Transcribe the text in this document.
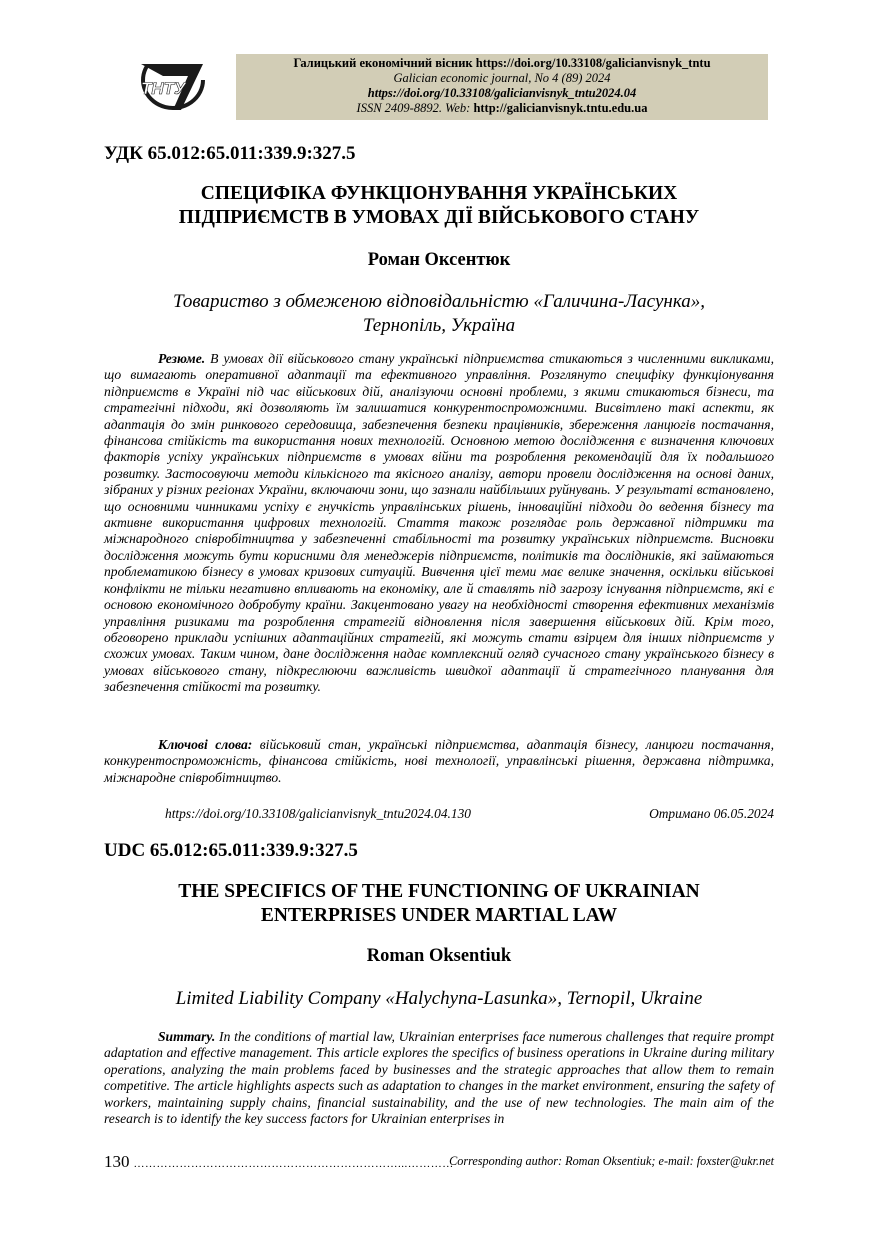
ТНТУ
Галицький економічний вісник https://doi.org/10.33108/galicianvisnyk_tntu
Galician economic journal, No 4 (89) 2024
https://doi.org/10.33108/galicianvisnyk_tntu2024.04
ISSN 2409-8892. Web: http://galicianvisnyk.tntu.edu.ua
УДК 65.012:65.011:339.9:327.5
СПЕЦИФІКА ФУНКЦІОНУВАННЯ УКРАЇНСЬКИХ
ПІДПРИЄМСТВ В УМОВАХ ДІЇ ВІЙСЬКОВОГО СТАНУ
Роман Оксентюк
Товариство з обмеженою відповідальністю «Галичина-Ласунка»,
Тернопіль, Україна

Резюме. В умовах дії військового стану українські підприємства стикаються з численними викликами, що вимагають оперативної адаптації та ефективного управління. Розглянуто специфіку функціонування підприємств в Україні під час військових дій, аналізуючи основні проблеми, з якими стикаються бізнеси, та стратегічні підходи, які дозволяють їм залишатися конкурентоспроможними. Висвітлено такі аспекти, як адаптація до змін ринкового середовища, забезпечення безпеки працівників, збереження ланцюгів постачання, фінансова стійкість та використання нових технологій. Основною метою дослідження є визначення ключових факторів успіху українських підприємств в умовах війни та розроблення рекомендацій для їх подальшого розвитку. Застосовуючи методи кількісного та якісного аналізу, автори провели дослідження на основі даних, зібраних у різних регіонах України, включаючи зони, що зазнали найбільших руйнувань. У результаті встановлено, що основними чинниками успіху є гнучкість управлінських рішень, інноваційні підходи до ведення бізнесу та активне використання цифрових технологій. Стаття також розглядає роль державної підтримки та міжнародного співробітництва у забезпеченні стабільності та розвитку українських підприємств. Висновки дослідження можуть бути корисними для менеджерів підприємств, політиків та дослідників, які займаються проблематикою бізнесу в умовах кризових ситуацій. Вивчення цієї теми має велике значення, оскільки військові конфлікти не тільки негативно впливають на економіку, але й ставлять під загрозу існування підприємств, які є основою економічного добробуту країни. Закцентовано увагу на необхідності створення ефективних механізмів управління ризиками та розроблення стратегій відновлення після завершення військових дій. Крім того, обговорено приклади успішних адаптаційних стратегій, які можуть стати взірцем для інших підприємств у схожих умовах. Таким чином, дане дослідження надає комплексний огляд сучасного стану українського бізнесу в умовах військового стану, підкреслюючи важливість швидкої адаптації й стратегічного планування для забезпечення стійкості та розвитку.

Ключові слова: військовий стан, українські підприємства, адаптація бізнесу, ланцюги постачання, конкурентоспроможність, фінансова стійкість, нові технології, управлінські рішення, державна підтримка, міжнародне співробітництво.

https://doi.org/10.33108/galicianvisnyk_tntu2024.04.130	Отримано 06.05.2024
UDC 65.012:65.011:339.9:327.5
THE SPECIFICS OF THE FUNCTIONING OF UKRAINIAN
ENTERPRISES UNDER MARTIAL LAW
Roman Oksentiuk
Limited Liability Company «Halychyna-Lasunka», Ternopil, Ukraine

Summary. In the conditions of martial law, Ukrainian enterprises face numerous challenges that require prompt adaptation and effective management. This article explores the specifics of business operations in Ukraine during military operations, analyzing the main problems faced by businesses and the strategic approaches that allow them to remain competitive. The article highlights aspects such as adaptation to changes in the market environment, ensuring the safety of workers, maintaining supply chains, financial sustainability, and the use of new technologies. The main aim of the research is to identify the key success factors for Ukrainian enterprises in

130 ……………………………………………………………...…………
Corresponding author: Roman Oksentiuk; e-mail: foxster@ukr.net
